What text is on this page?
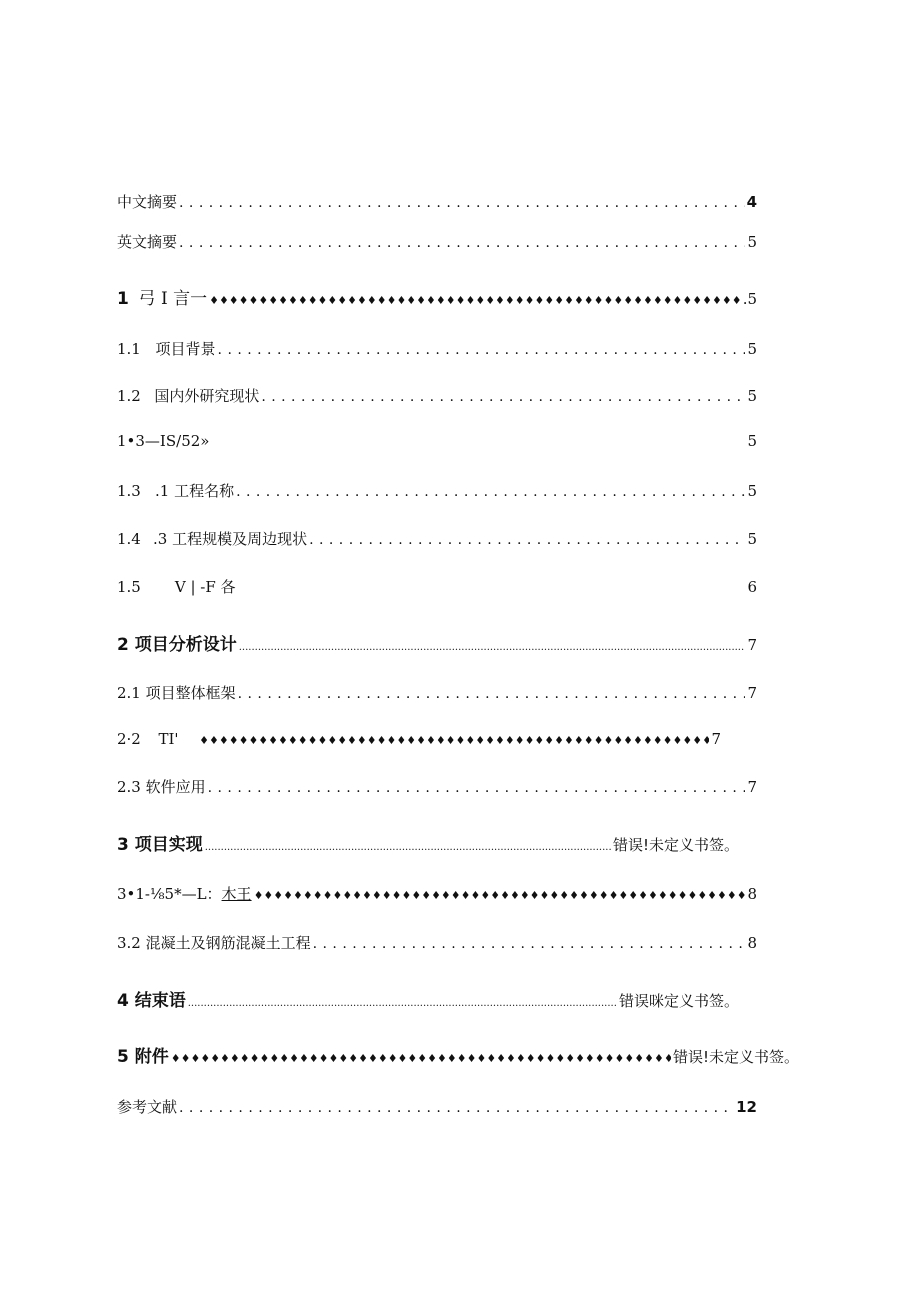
中文摘要 . . .	4
英文摘要 . . .	5
1 弓 I 言一 ♦♦♦♦♦♦♦♦♦♦♦♦♦♦♦♦♦♦♦♦♦♦♦♦♦♦♦♦♦♦♦♦♦♦♦♦♦♦♦♦♦♦♦♦♦♦♦♦♦♦♦♦♦♦♦♦♦♦♦♦♦♦♦♦♦♦♦♦♦♦♦♦♦♦♦♦♦♦♦♦♦♦♦♦♦♦♦♦♦♦♦♦♦♦♦♦♦♦♦♦	.5
1.1 项目背景 . . .	5
1.2 国内外研究现状 . . .	5
1•3—IS/52»	5
1.3 .1 工程名称 . . .	5
1.4 .3 工程规模及周边现状 . . .	5
1.5 V | -F 各	6
2 项目分析设计 .....	7
2.1 项目整体框架 . . .	7
2·2 TI' ♦♦♦♦♦♦♦♦♦♦♦♦♦♦♦♦♦♦♦♦♦♦♦♦♦♦♦♦♦♦♦♦♦♦♦♦♦♦♦♦♦♦♦♦♦♦♦♦♦♦♦♦♦♦♦♦♦♦♦♦♦♦♦♦♦♦♦♦♦♦♦♦♦♦♦♦♦♦♦♦♦♦♦♦♦♦♦♦♦♦♦♦♦♦♦♦♦♦♦♦	7
2.3 软件应用 . . .	7
3 项目实现 .....	错误!未定义书签。
3•1-⅛5*—L： 木王 ♦♦♦♦♦♦♦♦♦♦♦♦♦♦♦♦♦♦♦♦♦♦♦♦♦♦♦♦♦♦♦♦♦♦♦♦♦♦♦♦♦♦♦♦♦♦♦♦♦♦♦♦♦♦♦♦♦♦♦♦♦♦♦♦♦♦♦♦♦♦♦♦♦♦♦♦♦♦♦♦♦♦♦♦♦♦♦♦♦♦♦♦♦♦♦♦♦♦♦♦	8
3.2 混凝土及钢筋混凝土工程 . . .	8
4 结束语 .....	错误咪定义书签。
5 附件 ♦♦♦♦♦♦♦♦♦♦♦♦♦♦♦♦♦♦♦♦♦♦♦♦♦♦♦♦♦♦♦♦♦♦♦♦♦♦♦♦♦♦♦♦♦♦♦♦♦♦♦♦♦♦♦♦♦♦♦♦♦♦♦♦♦♦♦♦♦♦♦♦♦♦♦♦♦♦♦♦♦♦♦♦♦♦♦♦♦♦♦♦♦♦♦♦♦♦♦♦	错误!未定义书签。
参考文献 . . .	12
